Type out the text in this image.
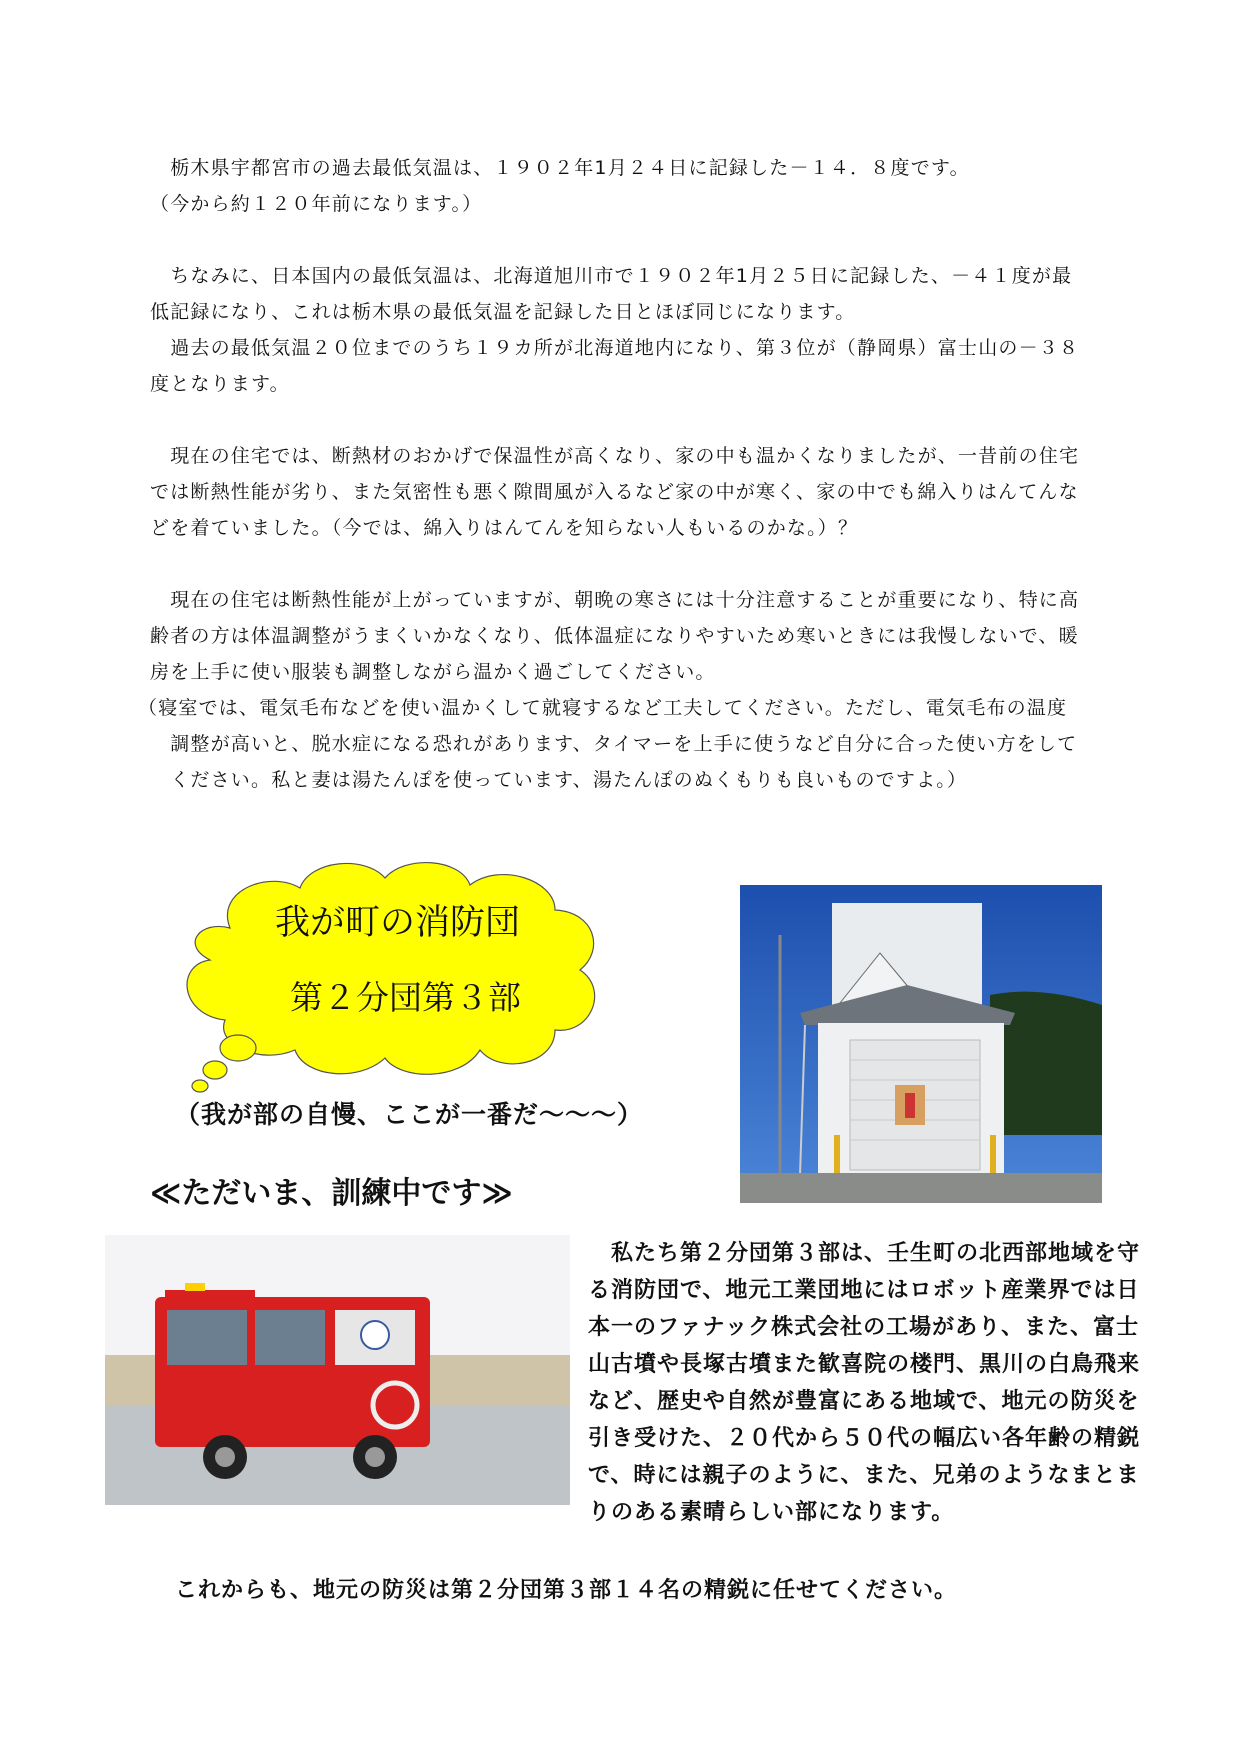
　栃木県宇都宮市の過去最低気温は、１９０２年1月２４日に記録した－１４．８度です。
（今から約１２０年前になります。）
　ちなみに、日本国内の最低気温は、北海道旭川市で１９０２年1月２５日に記録した、－４１度が最
低記録になり、これは栃木県の最低気温を記録した日とほぼ同じになります。
　過去の最低気温２０位までのうち１９カ所が北海道地内になり、第３位が（静岡県）富士山の－３８
度となります。
　現在の住宅では、断熱材のおかげで保温性が高くなり、家の中も温かくなりましたが、一昔前の住宅
では断熱性能が劣り、また気密性も悪く隙間風が入るなど家の中が寒く、家の中でも綿入りはんてんな
どを着ていました。（今では、綿入りはんてんを知らない人もいるのかな。）？
　現在の住宅は断熱性能が上がっていますが、朝晩の寒さには十分注意することが重要になり、特に高
齢者の方は体温調整がうまくいかなくなり、低体温症になりやすいため寒いときには我慢しないで、暖
房を上手に使い服装も調整しながら温かく過ごしてください。
（寝室では、電気毛布などを使い温かくして就寝するなど工夫してください。ただし、電気毛布の温度
　調整が高いと、脱水症になる恐れがあります、タイマーを上手に使うなど自分に合った使い方をして
　ください。私と妻は湯たんぽを使っています、湯たんぽのぬくもりも良いものですよ。）
我が町の消防団
第２分団第３部
（我が部の自慢、ここが一番だ～～～）
≪ただいま、訓練中です≫
　私たち第２分団第３部は、壬生町の北西部地域を守る消防団で、地元工業団地にはロボット産業界では日本一のファナック株式会社の工場があり、また、富士山古墳や長塚古墳また歓喜院の楼門、黒川の白鳥飛来など、歴史や自然が豊富にある地域で、地元の防災を引き受けた、２０代から５０代の幅広い各年齢の精鋭で、時には親子のように、また、兄弟のようなまとまりのある素晴らしい部になります。
これからも、地元の防災は第２分団第３部１４名の精鋭に任せてください。
